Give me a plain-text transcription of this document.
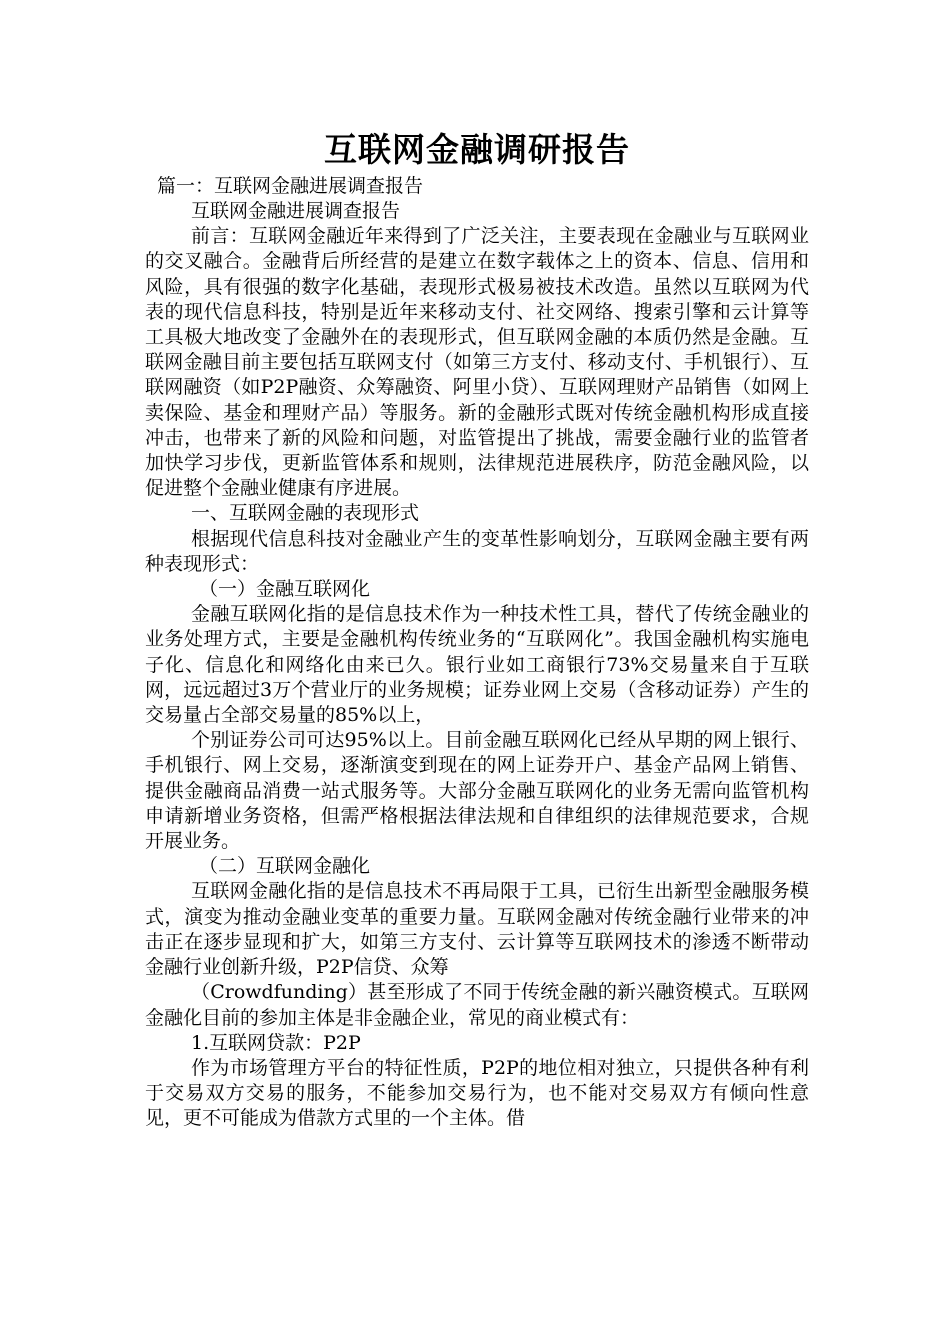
互联网金融调研报告

篇一：互联网金融进展调查报告

互联网金融进展调查报告

前言：互联网金融近年来得到了广泛关注，主要表现在金融业与互联网业的交叉融合。金融背后所经营的是建立在数字载体之上的资本、信息、信用和风险，具有很强的数字化基础，表现形式极易被技术改造。虽然以互联网为代表的现代信息科技，特别是近年来移动支付、社交网络、搜索引擎和云计算等工具极大地改变了金融外在的表现形式，但互联网金融的本质仍然是金融。互联网金融目前主要包括互联网支付（如第三方支付、移动支付、手机银行）、互联网融资（如P2P融资、众筹融资、阿里小贷）、互联网理财产品销售（如网上卖保险、基金和理财产品）等服务。新的金融形式既对传统金融机构形成直接冲击，也带来了新的风险和问题，对监管提出了挑战，需要金融行业的监管者加快学习步伐，更新监管体系和规则，法律规范进展秩序，防范金融风险，以促进整个金融业健康有序进展。

一、互联网金融的表现形式

根据现代信息科技对金融业产生的变革性影响划分，互联网金融主要有两种表现形式：

（一）金融互联网化

金融互联网化指的是信息技术作为一种技术性工具，替代了传统金融业的业务处理方式，主要是金融机构传统业务的“互联网化”。我国金融机构实施电子化、信息化和网络化由来已久。银行业如工商银行73%交易量来自于互联网，远远超过3万个营业厅的业务规模；证券业网上交易（含移动证券）产生的交易量占全部交易量的85%以上，

个别证券公司可达95%以上。目前金融互联网化已经从早期的网上银行、手机银行、网上交易，逐渐演变到现在的网上证券开户、基金产品网上销售、提供金融商品消费一站式服务等。大部分金融互联网化的业务无需向监管机构申请新增业务资格，但需严格根据法律法规和自律组织的法律规范要求，合规开展业务。

（二）互联网金融化

互联网金融化指的是信息技术不再局限于工具，已衍生出新型金融服务模式，演变为推动金融业变革的重要力量。互联网金融对传统金融行业带来的冲击正在逐步显现和扩大，如第三方支付、云计算等互联网技术的渗透不断带动金融行业创新升级，P2P信贷、众筹

（Crowdfunding）甚至形成了不同于传统金融的新兴融资模式。互联网金融化目前的参加主体是非金融企业，常见的商业模式有：

1.互联网贷款：P2P

作为市场管理方平台的特征性质，P2P的地位相对独立，只提供各种有利于交易双方交易的服务，不能参加交易行为，也不能对交易双方有倾向性意见，更不可能成为借款方式里的一个主体。借
